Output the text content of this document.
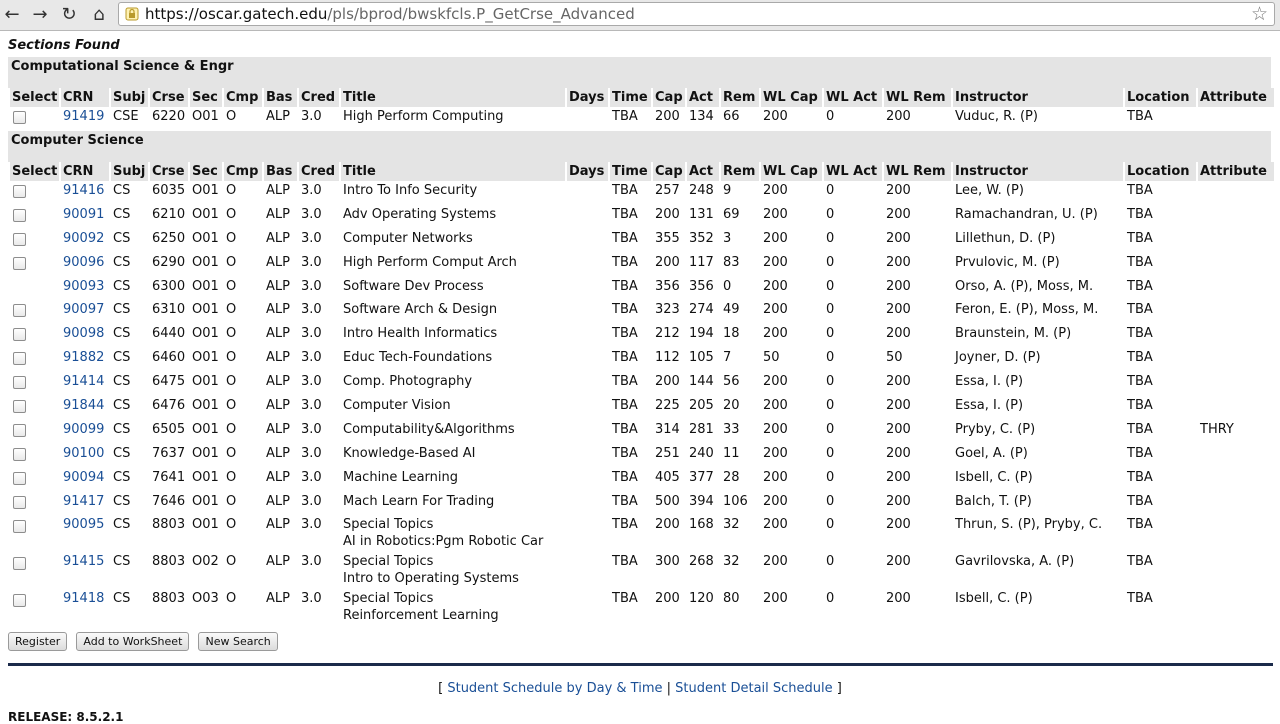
← → ↻ ⌂	https://oscar.gatech.edu/pls/bprod/bwskfcls.P_GetCrse_Advanced	☆
Sections Found
Computational Science & Engr
Select	CRN	Subj	Crse	Sec	Cmp	Bas	Cred	Title	Days	Time	Cap	Act	Rem	WL Cap	WL Act	WL Rem	Instructor	Location	Attribute
	91419	CSE	6220	O01	O	ALP	3.0	High Perform Computing		TBA	200	134	66	200	0	200	Vuduc, R. (P)	TBA	
Computer Science
Select	CRN	Subj	Crse	Sec	Cmp	Bas	Cred	Title	Days	Time	Cap	Act	Rem	WL Cap	WL Act	WL Rem	Instructor	Location	Attribute
	91416	CS	6035	O01	O	ALP	3.0	Intro To Info Security		TBA	257	248	9	200	0	200	Lee, W. (P)	TBA	
	90091	CS	6210	O01	O	ALP	3.0	Adv Operating Systems		TBA	200	131	69	200	0	200	Ramachandran, U. (P)	TBA	
	90092	CS	6250	O01	O	ALP	3.0	Computer Networks		TBA	355	352	3	200	0	200	Lillethun, D. (P)	TBA	
	90096	CS	6290	O01	O	ALP	3.0	High Perform Comput Arch		TBA	200	117	83	200	0	200	Prvulovic, M. (P)	TBA	
	90093	CS	6300	O01	O	ALP	3.0	Software Dev Process		TBA	356	356	0	200	0	200	Orso, A. (P), Moss, M.	TBA	
	90097	CS	6310	O01	O	ALP	3.0	Software Arch & Design		TBA	323	274	49	200	0	200	Feron, E. (P), Moss, M.	TBA	
	90098	CS	6440	O01	O	ALP	3.0	Intro Health Informatics		TBA	212	194	18	200	0	200	Braunstein, M. (P)	TBA	
	91882	CS	6460	O01	O	ALP	3.0	Educ Tech-Foundations		TBA	112	105	7	50	0	50	Joyner, D. (P)	TBA	
	91414	CS	6475	O01	O	ALP	3.0	Comp. Photography		TBA	200	144	56	200	0	200	Essa, I. (P)	TBA	
	91844	CS	6476	O01	O	ALP	3.0	Computer Vision		TBA	225	205	20	200	0	200	Essa, I. (P)	TBA	
	90099	CS	6505	O01	O	ALP	3.0	Computability&Algorithms		TBA	314	281	33	200	0	200	Pryby, C. (P)	TBA	THRY
	90100	CS	7637	O01	O	ALP	3.0	Knowledge-Based AI		TBA	251	240	11	200	0	200	Goel, A. (P)	TBA	
	90094	CS	7641	O01	O	ALP	3.0	Machine Learning		TBA	405	377	28	200	0	200	Isbell, C. (P)	TBA	
	91417	CS	7646	O01	O	ALP	3.0	Mach Learn For Trading		TBA	500	394	106	200	0	200	Balch, T. (P)	TBA	
	90095	CS	8803	O01	O	ALP	3.0	Special Topics
AI in Robotics:Pgm Robotic Car		TBA	200	168	32	200	0	200	Thrun, S. (P), Pryby, C.	TBA	
	91415	CS	8803	O02	O	ALP	3.0	Special Topics
Intro to Operating Systems		TBA	300	268	32	200	0	200	Gavrilovska, A. (P)	TBA	
	91418	CS	8803	O03	O	ALP	3.0	Special Topics
Reinforcement Learning		TBA	200	120	80	200	0	200	Isbell, C. (P)	TBA	
Register Add to WorkSheet New Search
[ Student Schedule by Day & Time | Student Detail Schedule ]
RELEASE: 8.5.2.1
